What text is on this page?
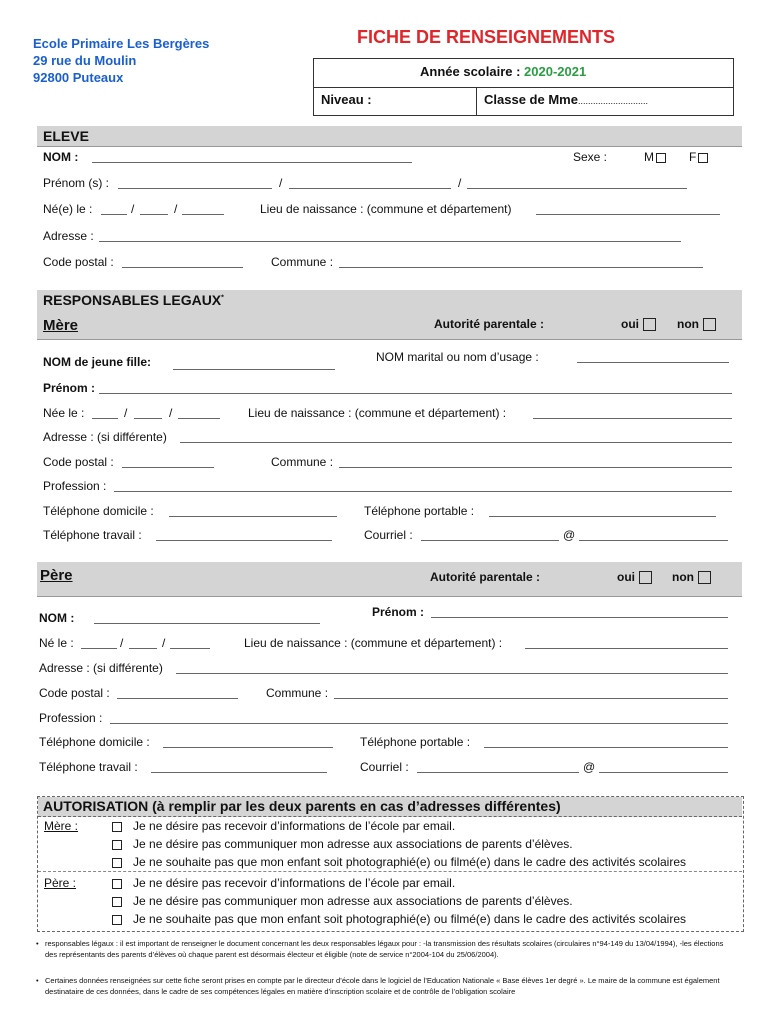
Ecole Primaire Les Bergères
29 rue du Moulin
92800 Puteaux
FICHE DE RENSEIGNEMENTS
Année scolaire : 2020-2021
Niveau :	Classe de Mme............................
ELEVE
NOM :	Sexe :	M	F
Prénom (s) :	/	/
Né(e) le :	/	/	Lieu de naissance : (commune et département)
Adresse :
Code postal :	Commune :
RESPONSABLES LEGAUX*
Mère	Autorité parentale :	oui	non
NOM de jeune fille:	NOM marital ou nom d’usage :
Prénom :
Née le :	/	/	Lieu de naissance : (commune et département) :
Adresse : (si différente)
Code postal :	Commune :
Profession :
Téléphone domicile :	Téléphone portable :
Téléphone travail :	Courriel :	@
Père	Autorité parentale :	oui	non
NOM :	Prénom :
Né le :	/	/	Lieu de naissance : (commune et département) :
Adresse : (si différente)
Code postal :	Commune :
Profession :
Téléphone domicile :	Téléphone portable :
Téléphone travail :	Courriel :	@
AUTORISATION (à remplir par les deux parents en cas d’adresses différentes)
Mère :	Je ne désire pas recevoir d’informations de l’école par email.
Je ne désire pas communiquer mon adresse aux associations de parents d’élèves.
Je ne souhaite pas que mon enfant soit photographié(e) ou filmé(e) dans le cadre des activités scolaires
Père :	Je ne désire pas recevoir d’informations de l’école par email.
Je ne désire pas communiquer mon adresse aux associations de parents d’élèves.
Je ne souhaite pas que mon enfant soit photographié(e) ou filmé(e) dans le cadre des activités scolaires
• responsables légaux : il est important de renseigner le document concernant les deux responsables légaux pour : -la transmission des résultats scolaires (circulaires n°94-149 du 13/04/1994), -les élections des représentants des parents d’élèves où chaque parent est désormais électeur et éligible (note de service n°2004-104 du 25/06/2004).
• Certaines données renseignées sur cette fiche seront prises en compte par le directeur d’école dans le logiciel de l’Education Nationale « Base élèves 1er degré ». Le maire de la commune est également destinataire de ces données, dans le cadre de ses compétences légales en matière d’inscription scolaire et de contrôle de l’obligation scolaire
